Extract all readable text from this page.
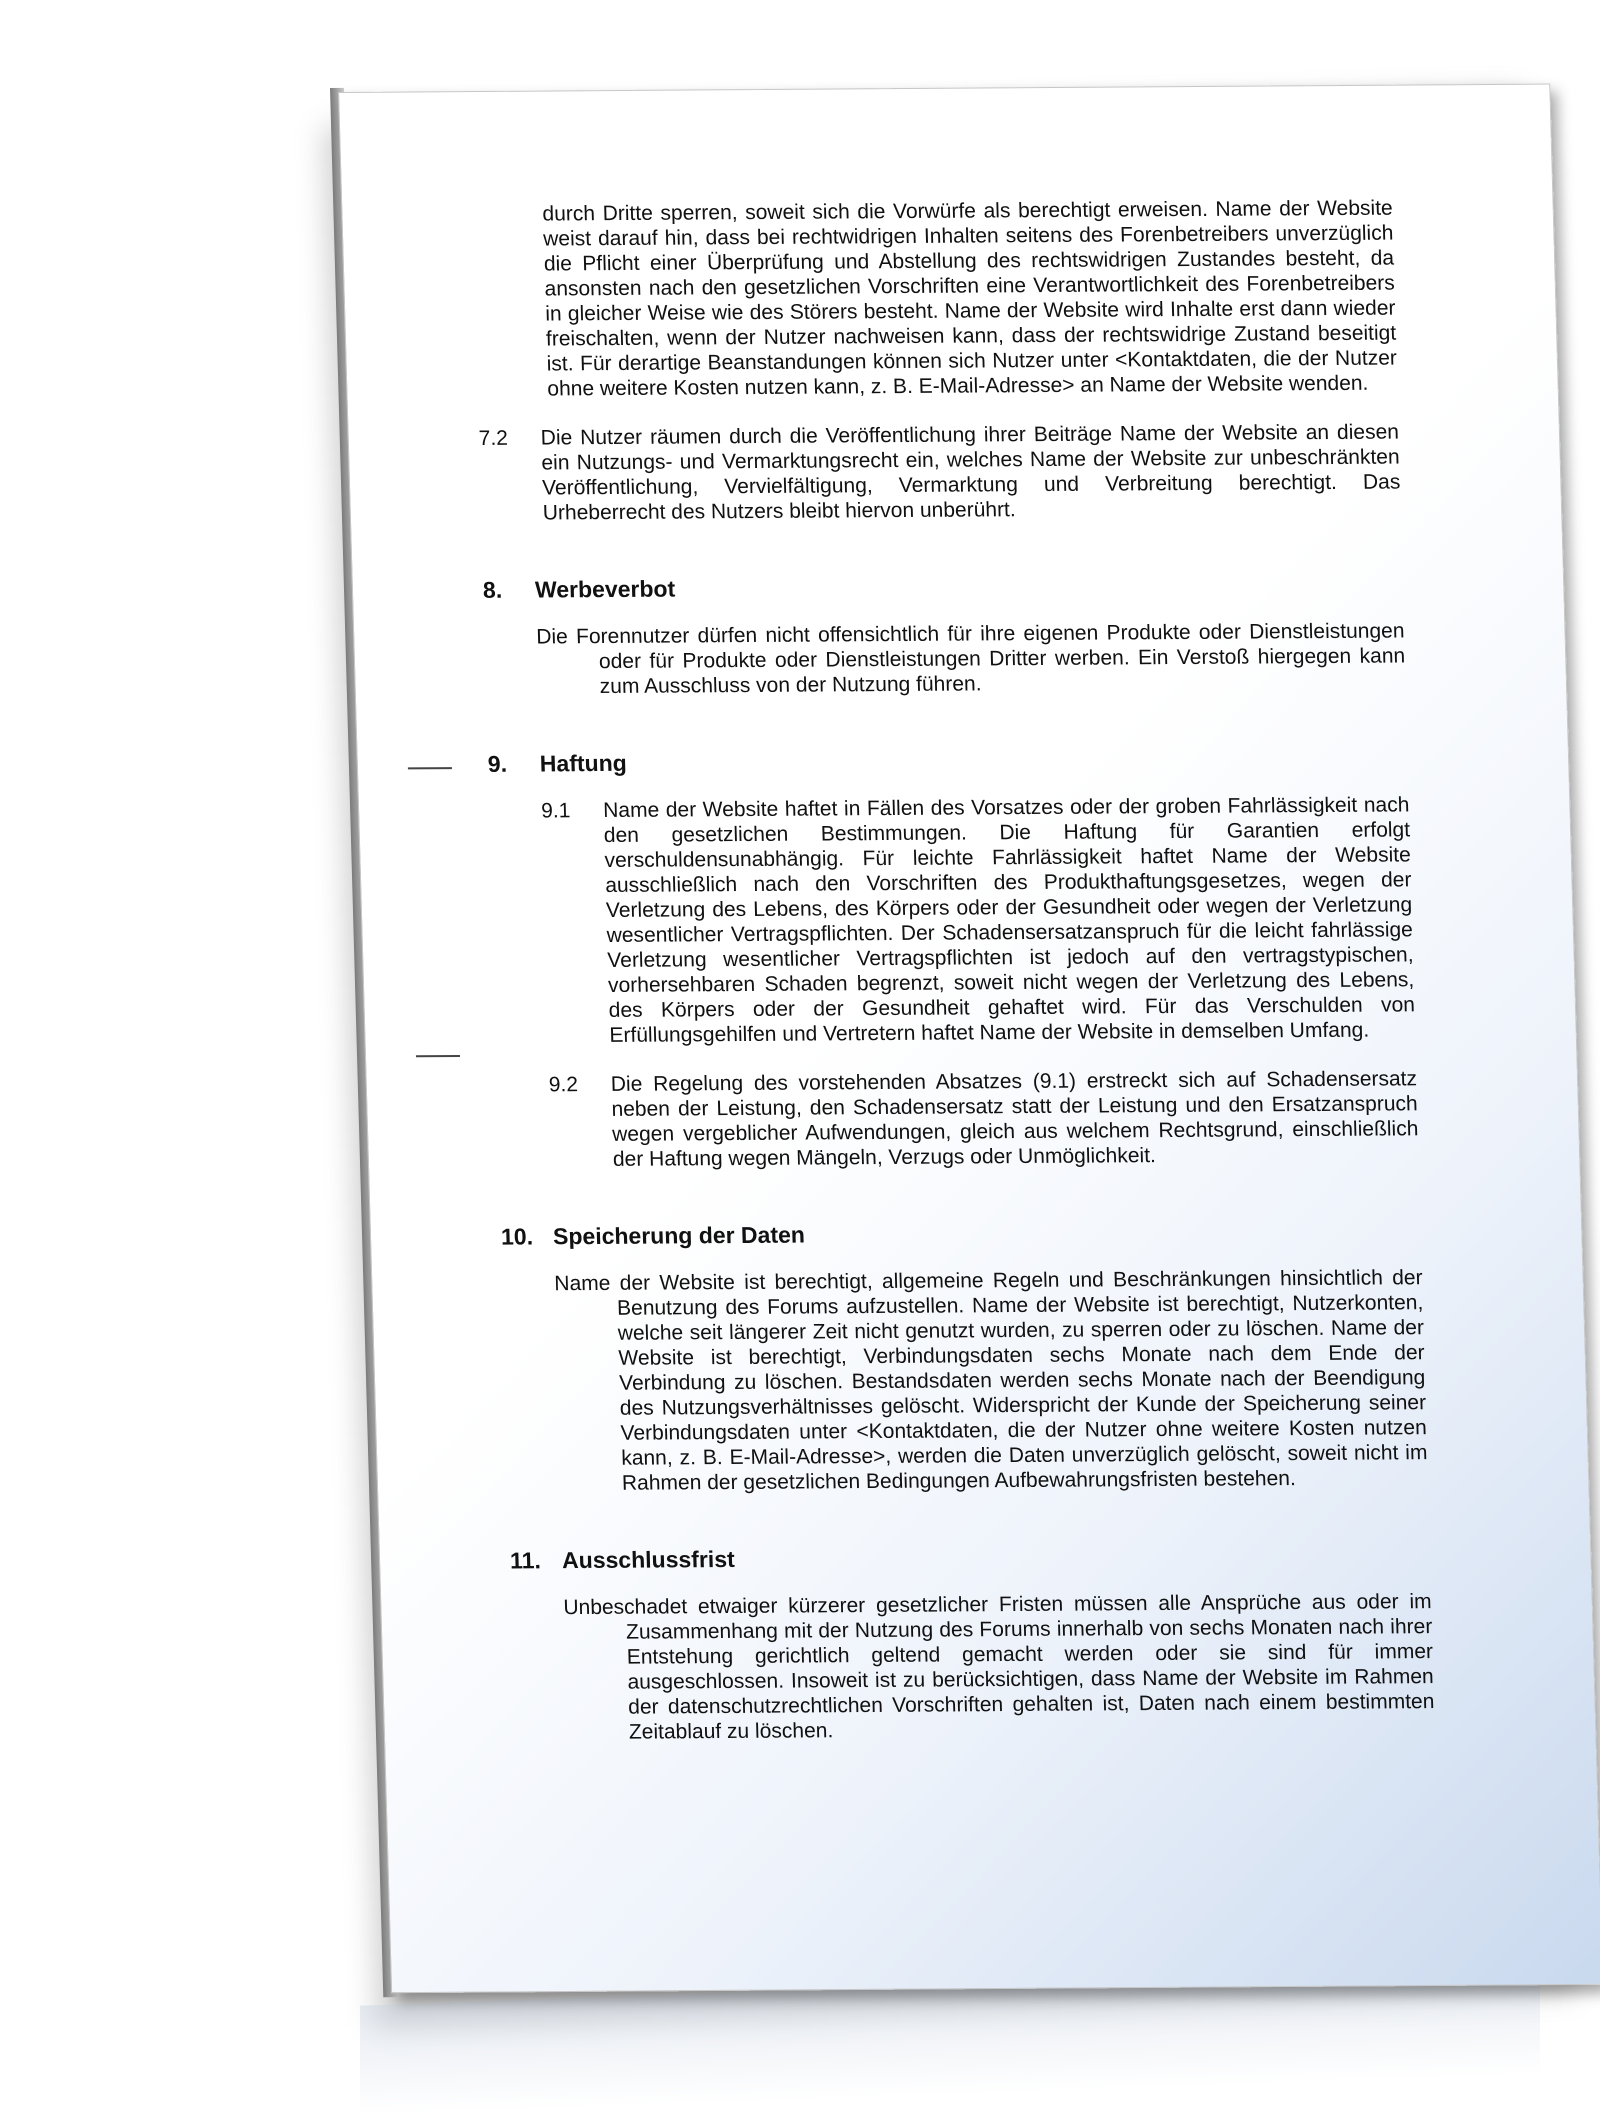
durch Dritte sperren, soweit sich die Vorwürfe als berechtigt erweisen. Name der Website weist darauf hin, dass bei rechtwidrigen Inhalten seitens des Forenbetreibers unverzüglich die Pflicht einer Überprüfung und Abstellung des rechtswidrigen Zustandes besteht, da ansonsten nach den gesetzlichen Vorschriften eine Verantwortlichkeit des Forenbetreibers in gleicher Weise wie des Störers besteht. Name der Website wird Inhalte erst dann wieder freischalten, wenn der Nutzer nachweisen kann, dass der rechtswidrige Zustand beseitigt ist. Für derartige Beanstandungen können sich Nutzer unter <Kontaktdaten, die der Nutzer ohne weitere Kosten nutzen kann, z. B. E-Mail-Adresse> an Name der Website wenden.

7.2	Die Nutzer räumen durch die Veröffentlichung ihrer Beiträge Name der Website an diesen ein Nutzungs- und Vermarktungsrecht ein, welches Name der Website zur unbeschränkten Veröffentlichung, Vervielfältigung, Vermarktung und Verbreitung berechtigt. Das Urheberrecht des Nutzers bleibt hiervon unberührt.
8.	Werbeverbot

Die Forennutzer dürfen nicht offensichtlich für ihre eigenen Produkte oder Dienstleistungen oder für Produkte oder Dienstleistungen Dritter werben. Ein Verstoß hiergegen kann zum Ausschluss von der Nutzung führen.

9.	Haftung
9.1	Name der Website haftet in Fällen des Vorsatzes oder der groben Fahrlässigkeit nach den gesetzlichen Bestimmungen. Die Haftung für Garantien erfolgt verschuldensunabhängig. Für leichte Fahrlässigkeit haftet Name der Website ausschließlich nach den Vorschriften des Produkthaftungsgesetzes, wegen der Verletzung des Lebens, des Körpers oder der Gesundheit oder wegen der Verletzung wesentlicher Vertragspflichten. Der Schadensersatzanspruch für die leicht fahrlässige Verletzung wesentlicher Vertragspflichten ist jedoch auf den vertragstypischen, vorhersehbaren Schaden begrenzt, soweit nicht wegen der Verletzung des Lebens, des Körpers oder der Gesundheit gehaftet wird. Für das Verschulden von Erfüllungsgehilfen und Vertretern haftet Name der Website in demselben Umfang.
9.2	Die Regelung des vorstehenden Absatzes (9.1) erstreckt sich auf Schadensersatz neben der Leistung, den Schadensersatz statt der Leistung und den Ersatzanspruch wegen vergeblicher Aufwendungen, gleich aus welchem Rechtsgrund, einschließlich der Haftung wegen Mängeln, Verzugs oder Unmöglichkeit.
10. Speicherung der Daten

Name der Website ist berechtigt, allgemeine Regeln und Beschränkungen hinsichtlich der Benutzung des Forums aufzustellen. Name der Website ist berechtigt, Nutzerkonten, welche seit längerer Zeit nicht genutzt wurden, zu sperren oder zu löschen. Name der Website ist berechtigt, Verbindungsdaten sechs Monate nach dem Ende der Verbindung zu löschen. Bestandsdaten werden sechs Monate nach der Beendigung des Nutzungsverhältnisses gelöscht. Widerspricht der Kunde der Speicherung seiner Verbindungsdaten unter <Kontaktdaten, die der Nutzer ohne weitere Kosten nutzen kann, z. B. E-Mail-Adresse>, werden die Daten unverzüglich gelöscht, soweit nicht im Rahmen der gesetzlichen Bedingungen Aufbewahrungsfristen bestehen.

11. Ausschlussfrist

Unbeschadet etwaiger kürzerer gesetzlicher Fristen müssen alle Ansprüche aus oder im Zusammenhang mit der Nutzung des Forums innerhalb von sechs Monaten nach ihrer Entstehung gerichtlich geltend gemacht werden oder sie sind für immer ausgeschlossen. Insoweit ist zu berücksichtigen, dass Name der Website im Rahmen der datenschutzrechtlichen Vorschriften gehalten ist, Daten nach einem bestimmten Zeitablauf zu löschen.
